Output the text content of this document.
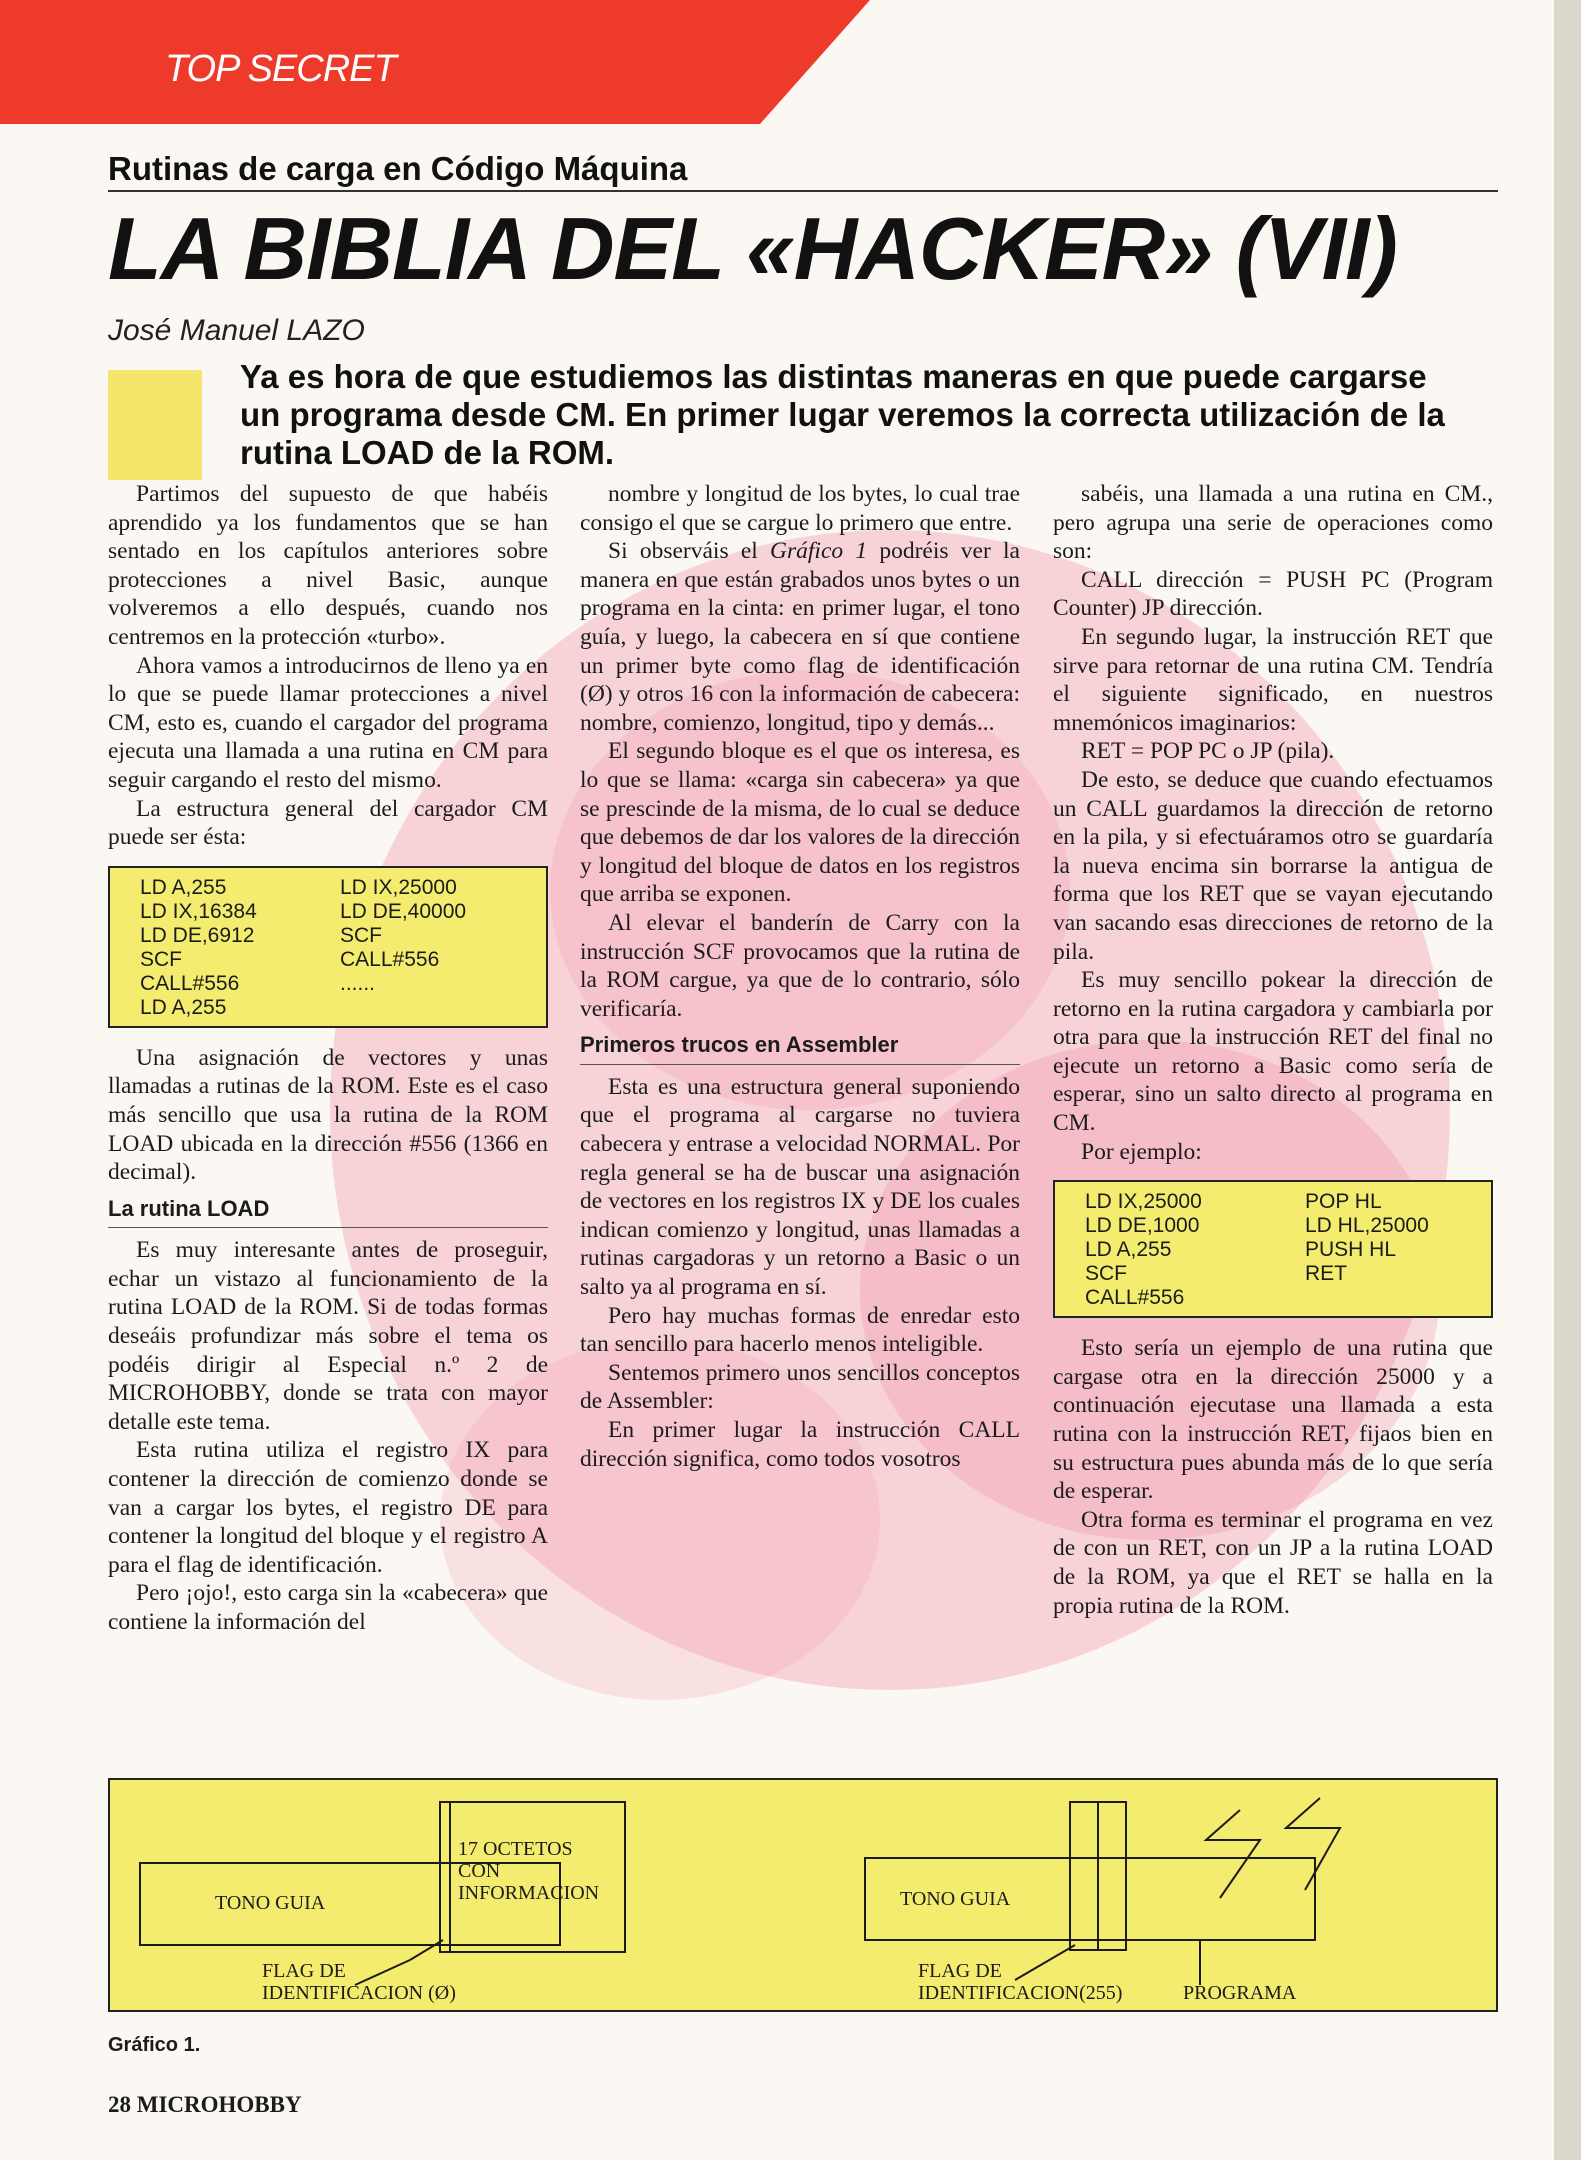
TOP SECRET
Rutinas de carga en Código Máquina
LA BIBLIA DEL «HACKER» (VII)
José Manuel LAZO
Ya es hora de que estudiemos las distintas maneras en que puede cargarse un programa desde CM. En primer lugar veremos la correcta utilización de la rutina LOAD de la ROM.

Partimos del supuesto de que habéis aprendido ya los fundamentos que se han sentado en los capítulos anteriores sobre protecciones a nivel Basic, aunque volveremos a ello después, cuando nos centremos en la protección «turbo».

Ahora vamos a introducirnos de lleno ya en lo que se puede llamar protecciones a nivel CM, esto es, cuando el cargador del programa ejecuta una llamada a una rutina en CM para seguir cargando el resto del mismo.

La estructura general del cargador CM puede ser ésta:

LD A,255
LD IX,16384
LD DE,6912
SCF
CALL#556
LD A,255
LD IX,25000
LD DE,40000
SCF
CALL#556
......

Una asignación de vectores y unas llamadas a rutinas de la ROM. Este es el caso más sencillo que usa la rutina de la ROM LOAD ubicada en la dirección #556 (1366 en decimal).

La rutina LOAD

Es muy interesante antes de proseguir, echar un vistazo al funcionamiento de la rutina LOAD de la ROM. Si de todas formas deseáis profundizar más sobre el tema os podéis dirigir al Especial n.º 2 de MICROHOBBY, donde se trata con mayor detalle este tema.

Esta rutina utiliza el registro IX para contener la dirección de comienzo donde se van a cargar los bytes, el registro DE para contener la longitud del bloque y el registro A para el flag de identificación.

Pero ¡ojo!, esto carga sin la «cabecera» que contiene la información del

nombre y longitud de los bytes, lo cual trae consigo el que se cargue lo primero que entre.

Si observáis el Gráfico 1 podréis ver la manera en que están grabados unos bytes o un programa en la cinta: en primer lugar, el tono guía, y luego, la cabecera en sí que contiene un primer byte como flag de identificación (Ø) y otros 16 con la información de cabecera: nombre, comienzo, longitud, tipo y demás...

El segundo bloque es el que os interesa, es lo que se llama: «carga sin cabecera» ya que se prescinde de la misma, de lo cual se deduce que debemos de dar los valores de la dirección y longitud del bloque de datos en los registros que arriba se exponen.

Al elevar el banderín de Carry con la instrucción SCF provocamos que la rutina de la ROM cargue, ya que de lo contrario, sólo verificaría.

Primeros trucos en Assembler

Esta es una estructura general suponiendo que el programa al cargarse no tuviera cabecera y entrase a velocidad NORMAL. Por regla general se ha de buscar una asignación de vectores en los registros IX y DE los cuales indican comienzo y longitud, unas llamadas a rutinas cargadoras y un retorno a Basic o un salto ya al programa en sí.

Pero hay muchas formas de enredar esto tan sencillo para hacerlo menos inteligible.

Sentemos primero unos sencillos conceptos de Assembler:

En primer lugar la instrucción CALL dirección significa, como todos vosotros

sabéis, una llamada a una rutina en CM., pero agrupa una serie de operaciones como son:

CALL dirección = PUSH PC (Program Counter) JP dirección.

En segundo lugar, la instrucción RET que sirve para retornar de una rutina CM. Tendría el siguiente significado, en nuestros mnemónicos imaginarios:

RET = POP PC o JP (pila).

De esto, se deduce que cuando efectuamos un CALL guardamos la dirección de retorno en la pila, y si efectuáramos otro se guardaría la nueva encima sin borrarse la antigua de forma que los RET que se vayan ejecutando van sacando esas direcciones de retorno de la pila.

Es muy sencillo pokear la dirección de retorno en la rutina cargadora y cambiarla por otra para que la instrucción RET del final no ejecute un retorno a Basic como sería de esperar, sino un salto directo al programa en CM.

Por ejemplo:

LD IX,25000
LD DE,1000
LD A,255
SCF
CALL#556
POP HL
LD HL,25000
PUSH HL
RET

Esto sería un ejemplo de una rutina que cargase otra en la dirección 25000 y a continuación ejecutase una llamada a esta rutina con la instrucción RET, fijaos bien en su estructura pues abunda más de lo que sería de esperar.

Otra forma es terminar el programa en vez de con un RET, con un JP a la rutina LOAD de la ROM, ya que el RET se halla en la propia rutina de la ROM.

TONO GUIA
17 OCTETOS
CON
INFORMACION
FLAG DE
IDENTIFICACION (Ø)
TONO GUIA
FLAG DE
IDENTIFICACION(255)	PROGRAMA
Gráfico 1.
28 MICROHOBBY
